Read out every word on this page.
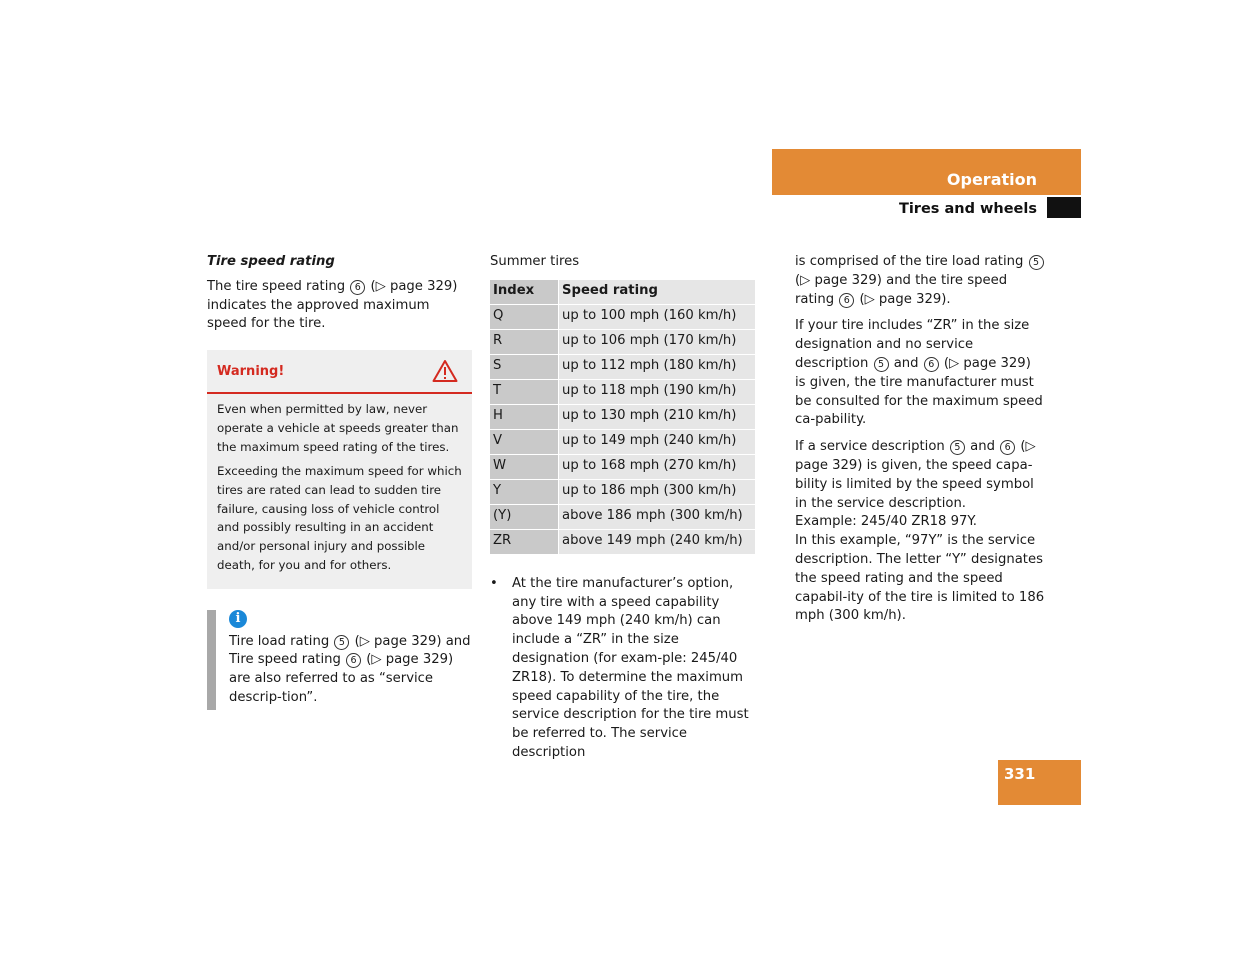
Operation
Tires and wheels

Tire speed rating

The tire speed rating 6 (▷ page 329) indicates the approved maximum speed for the tire.

Warning!

Even when permitted by law, never operate a vehicle at speeds greater than the maximum speed rating of the tires.

Exceeding the maximum speed for which tires are rated can lead to sudden tire failure, causing loss of vehicle control and possibly resulting in an accident and/or personal injury and possible death, for you and for others.

i
Tire load rating 5 (▷ page 329) and Tire speed rating 6 (▷ page 329) are also referred to as “service descrip-tion”.
Summer tires
Index	Speed rating
Q	up to 100 mph (160 km/h)
R	up to 106 mph (170 km/h)
S	up to 112 mph (180 km/h)
T	up to 118 mph (190 km/h)
H	up to 130 mph (210 km/h)
V	up to 149 mph (240 km/h)
W	up to 168 mph (270 km/h)
Y	up to 186 mph (300 km/h)
(Y)	above 186 mph (300 km/h)
ZR	above 149 mph (240 km/h)
•	At the tire manufacturer’s option, any tire with a speed capability above 149 mph (240 km/h) can include a “ZR” in the size designation (for exam-ple: 245/40 ZR18). To determine the maximum speed capability of the tire, the service description for the tire must be referred to. The service description

is comprised of the tire load rating 5 (▷ page 329) and the tire speed rating 6 (▷ page 329).

If your tire includes “ZR” in the size designation and no service description 5 and 6 (▷ page 329) is given, the tire manufacturer must be consulted for the maximum speed ca-pability.

If a service description 5 and 6 (▷ page 329) is given, the speed capa-bility is limited by the speed symbol in the service description.
Example: 245/40 ZR18 97Y.
In this example, “97Y” is the service description. The letter “Y” designates the speed rating and the speed capabil-ity of the tire is limited to 186 mph (300 km/h).

331
